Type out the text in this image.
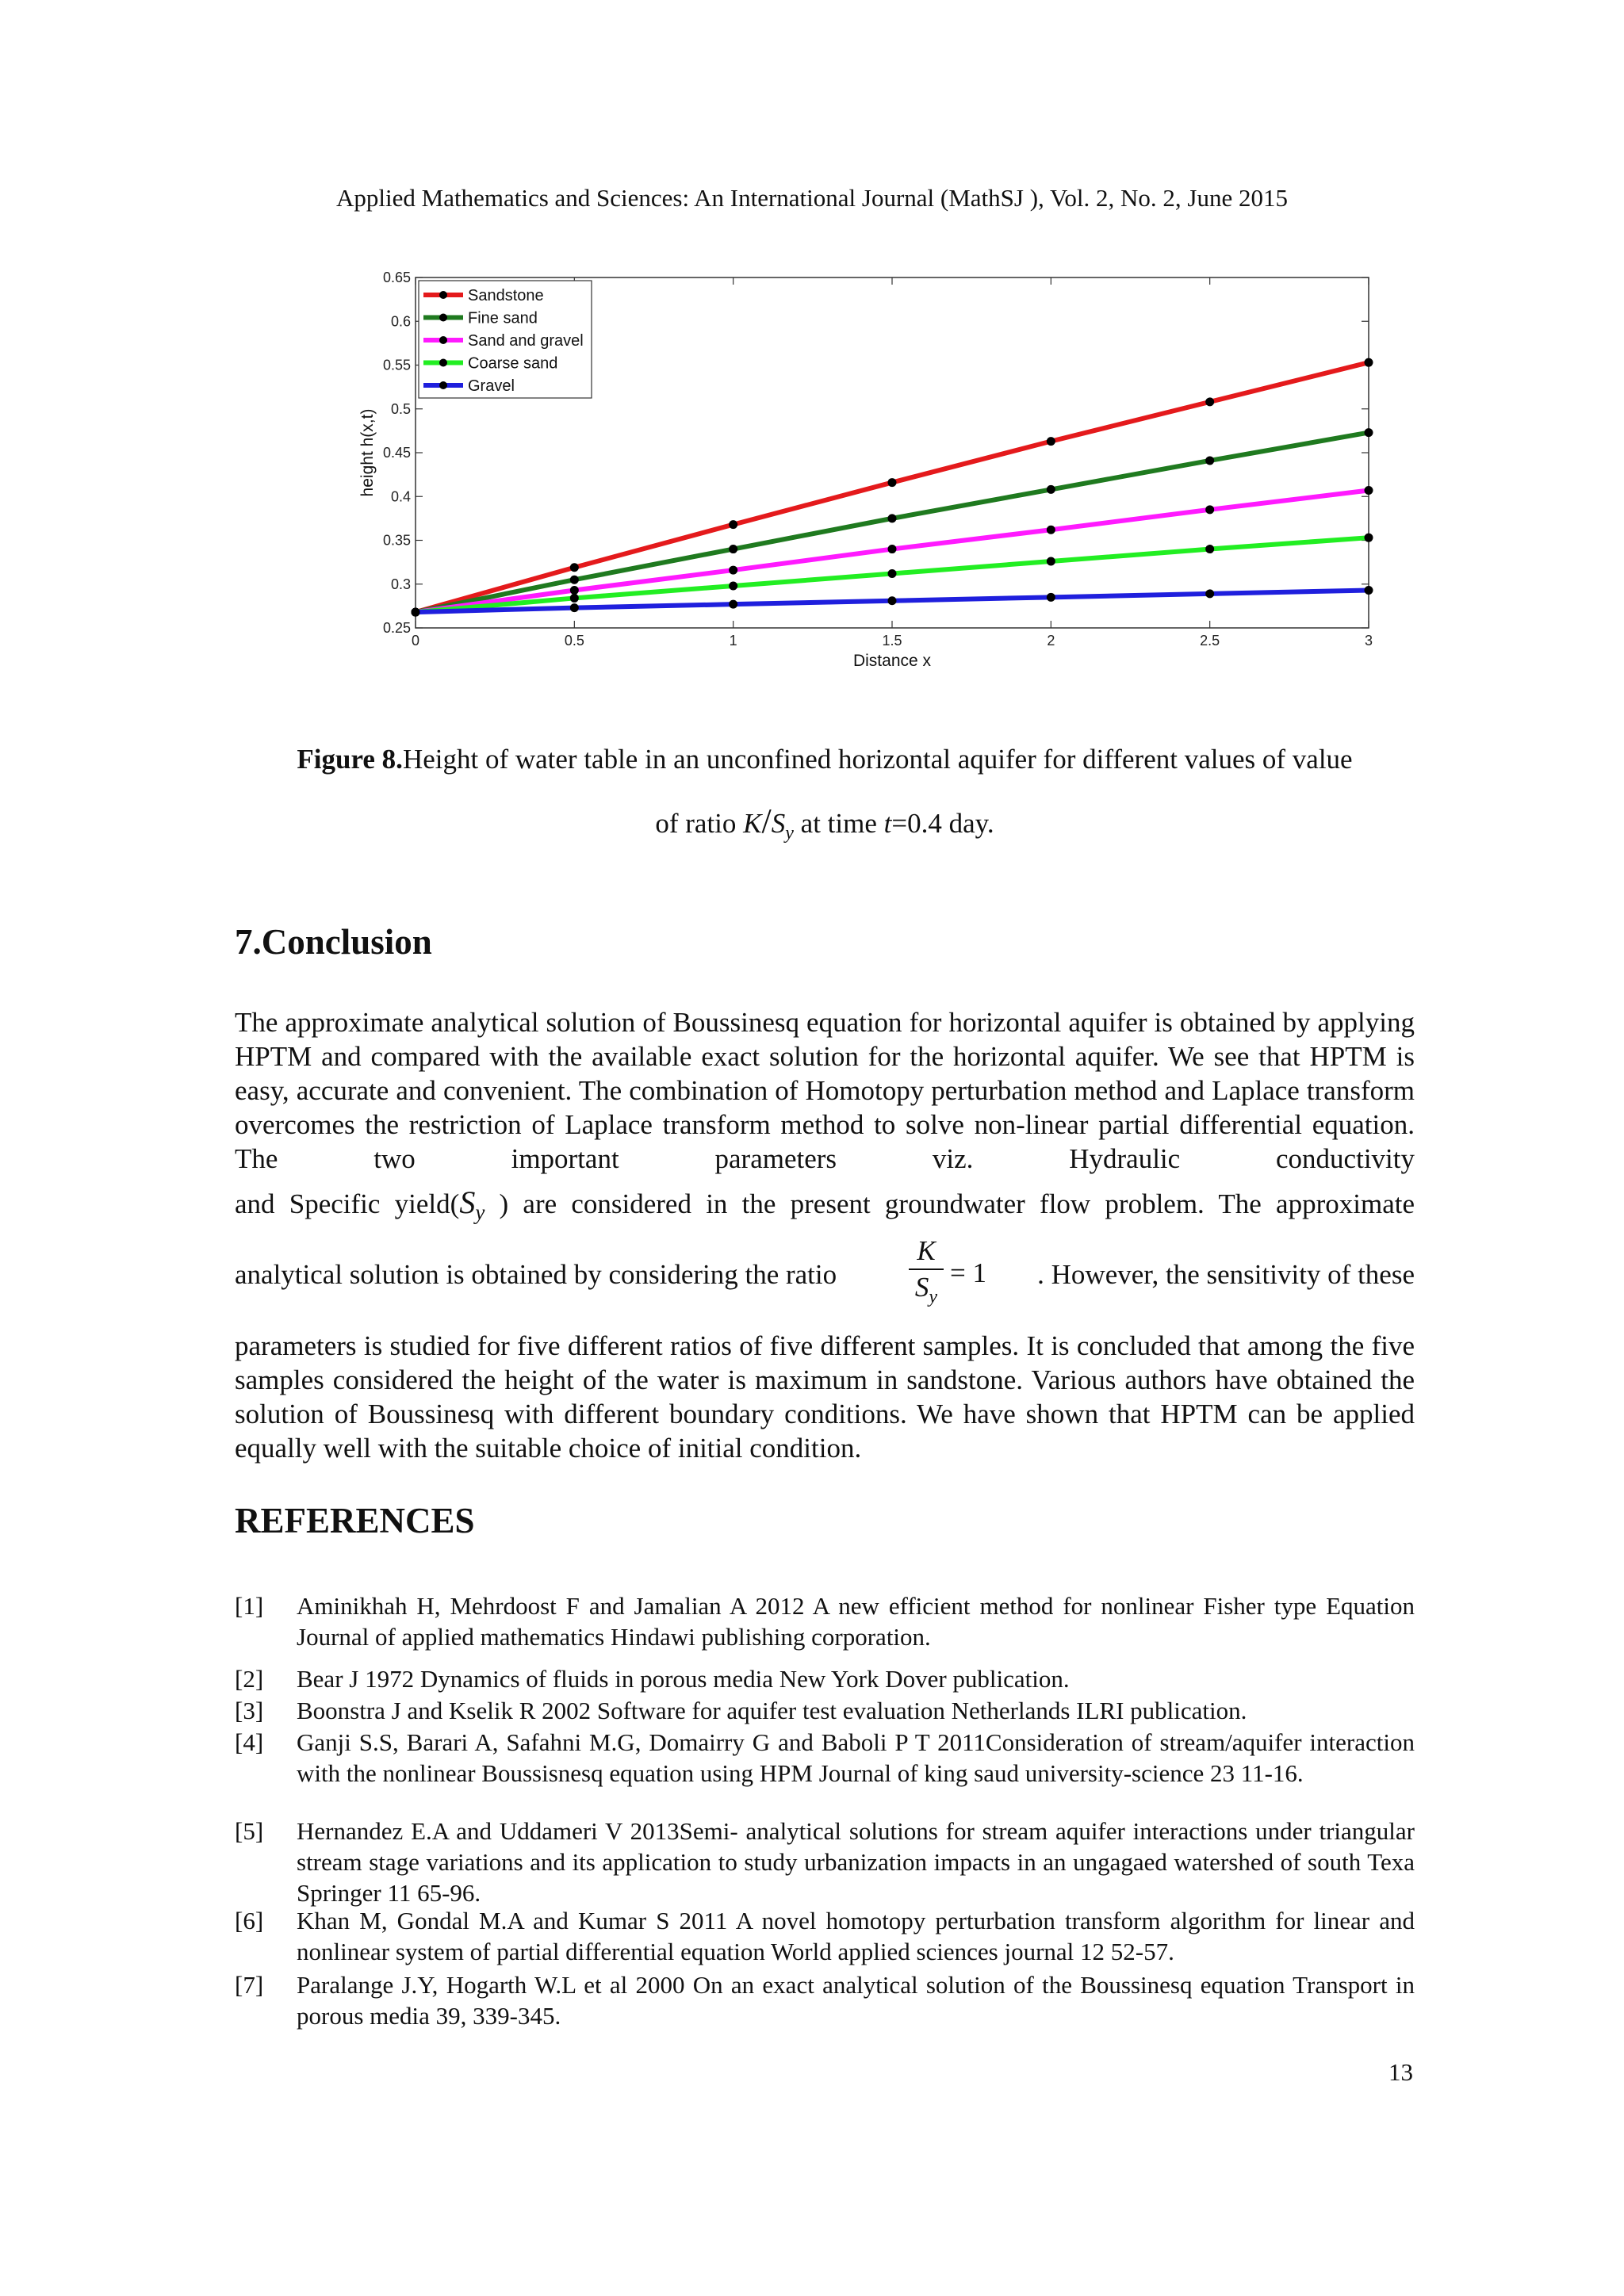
Applied Mathematics and Sciences: An International Journal (MathSJ ), Vol. 2, No. 2, June 2015
0	0.5	1	1.5	2	2.5	3
0.25
0.3
0.35
0.4
0.45
0.5
0.55
0.6
0.65
Distance x
height h(x,t)
Sandstone
Fine sand
Sand and gravel
Coarse sand
Gravel
Figure 8.Height of water table in an unconfined horizontal aquifer for different values of value
of ratio $K/S_y$ at time t=0.4 day.
7.Conclusion
The approximate analytical solution of Boussinesq equation for horizontal aquifer is obtained by applying HPTM and compared with the available exact solution for the horizontal aquifer. We see that HPTM is easy, accurate and convenient. The combination of Homotopy perturbation method and Laplace transform overcomes the restriction of Laplace transform method to solve non-linear partial differential equation. The two important parameters viz. Hydraulic conductivity
and Specific $yield(S_y$ ) are considered in the present groundwater flow problem. The approximate
analytical solution is obtained by considering the ratio
K
$S_y$
= 1	. However, the sensitivity of these
parameters is studied for five different ratios of five different samples. It is concluded that among the five samples considered the height of the water is maximum in sandstone. Various authors have obtained the solution of Boussinesq with different boundary conditions. We have shown that HPTM can be applied equally well with the suitable choice of initial condition.
REFERENCES
[1] Aminikhah H, Mehrdoost F and Jamalian A 2012 A new efficient method for nonlinear Fisher type Equation Journal of applied mathematics Hindawi publishing corporation.
[2] Bear J 1972 Dynamics of fluids in porous media New York Dover publication.
[3] Boonstra J and Kselik R 2002 Software for aquifer test evaluation Netherlands ILRI publication.
[4] Ganji S.S, Barari A, Safahni M.G, Domairry G and Baboli P T 2011Consideration of stream/aquifer interaction with the nonlinear Boussisnesq equation using HPM Journal of king saud university-science 23 11-16.
[5] Hernandez E.A and Uddameri V 2013Semi- analytical solutions for stream aquifer interactions under triangular stream stage variations and its application to study urbanization impacts in an ungagaed watershed of south Texa Springer 11 65-96.
[6] Khan M, Gondal M.A and Kumar S 2011 A novel homotopy perturbation transform algorithm for linear and nonlinear system of partial differential equation World applied sciences journal 12 52-57.
[7] Paralange J.Y, Hogarth W.L et al 2000 On an exact analytical solution of the Boussinesq equation Transport in porous media 39, 339-345.
13
